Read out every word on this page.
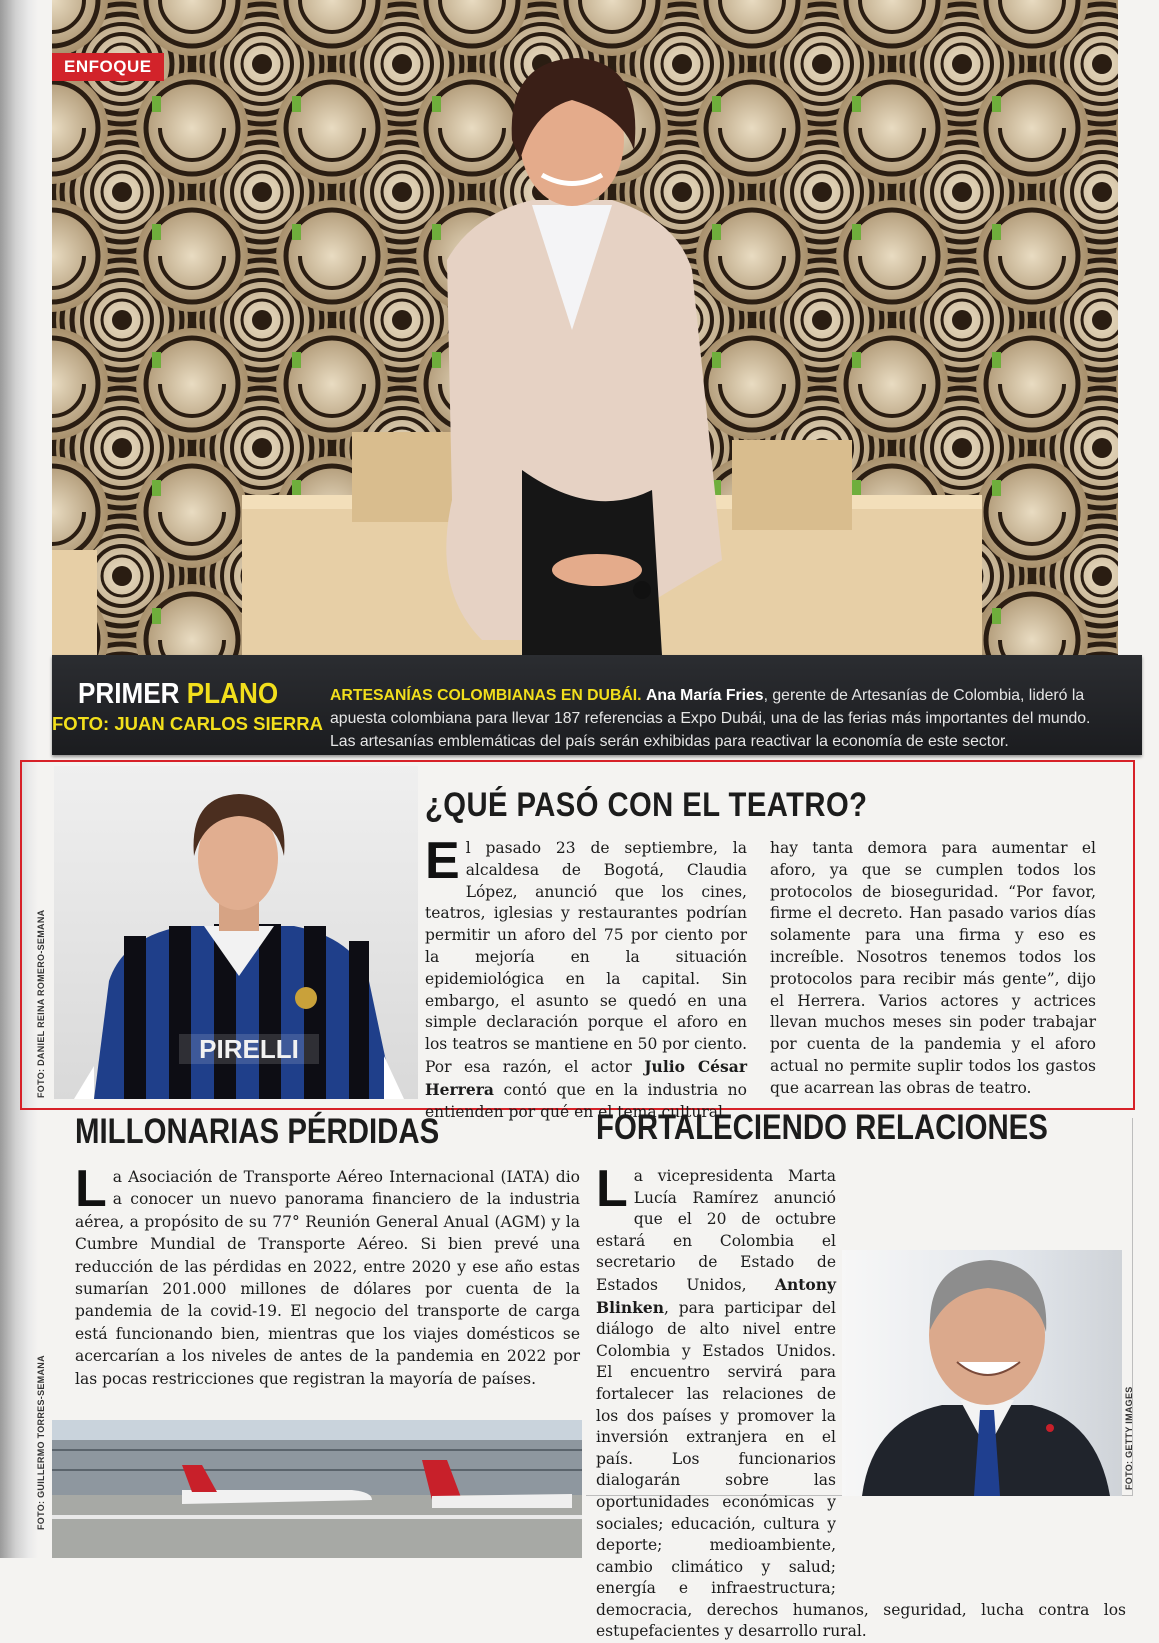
ENFOQUE
PRIMER PLANO
FOTO: JUAN CARLOS SIERRA
ARTESANÍAS COLOMBIANAS EN DUBÁI. Ana María Fries, gerente de Artesanías de Colombia, lideró la apuesta colombiana para llevar 187 referencias a Expo Dubái, una de las ferias más importantes del mundo. Las artesanías emblemáticas del país serán exhibidas para reactivar la economía de este sector.
FOTO: DANIEL REINA ROMERO-SEMANA	PIRELLI
¿QUÉ PASÓ CON EL TEATRO?
El pasado 23 de septiembre, la alcaldesa de Bogotá, Claudia López, anunció que los cines, teatros, iglesias y restaurantes podrían permitir un aforo del 75 por ciento por la mejoría en la situación epidemiológica en la capital. Sin embargo, el asunto se quedó en una simple declaración porque el aforo en los teatros se mantiene en 50 por ciento. Por esa razón, el actor Julio César Herrera contó que en la industria no entienden por qué en el tema cultural
hay tanta demora para aumentar el aforo, ya que se cumplen todos los protocolos de bioseguridad. “Por favor, firme el decreto. Han pasado varios días solamente para una firma y eso es increíble. Nosotros tenemos todos los protocolos para recibir más gente”, dijo el Herrera. Varios actores y actrices llevan muchos meses sin poder trabajar por cuenta de la pandemia y el aforo actual no permite suplir todos los gastos que acarrean las obras de teatro.
MILLONARIAS PÉRDIDAS
La Asociación de Transporte Aéreo Internacional (IATA) dio a conocer un nuevo panorama financiero de la industria aérea, a propósito de su 77° Reunión General Anual (AGM) y la Cumbre Mundial de Transporte Aéreo. Si bien prevé una reducción de las pérdidas en 2022, entre 2020 y ese año estas sumarían 201.000 millones de dólares por cuenta de la pandemia de la covid-19. El negocio del transporte de carga está funcionando bien, mientras que los viajes domésticos se acercarían a los niveles de antes de la pandemia en 2022 por las pocas restricciones que registran la mayoría de países.
FOTO: GUILLERMO TORRES-SEMANA
FORTALECIENDO RELACIONES
La vicepresidenta Marta Lucía Ramírez anunció que el 20 de octubre estará en Colombia el secretario de Estado de Estados Unidos, Antony Blinken, para participar del diálogo de alto nivel entre Colombia y Estados Unidos. El encuentro servirá para fortalecer las relaciones de los dos países y promover la inversión extranjera en el país. Los funcionarios dialogarán sobre las oportunidades económicas y sociales; educación, cultura y deporte; medioambiente, cambio climático y salud; energía e infraestructura; democracia, derechos humanos, seguridad, lucha contra los estupefacientes y desarrollo rural.
FOTO: GETTY IMAGES
